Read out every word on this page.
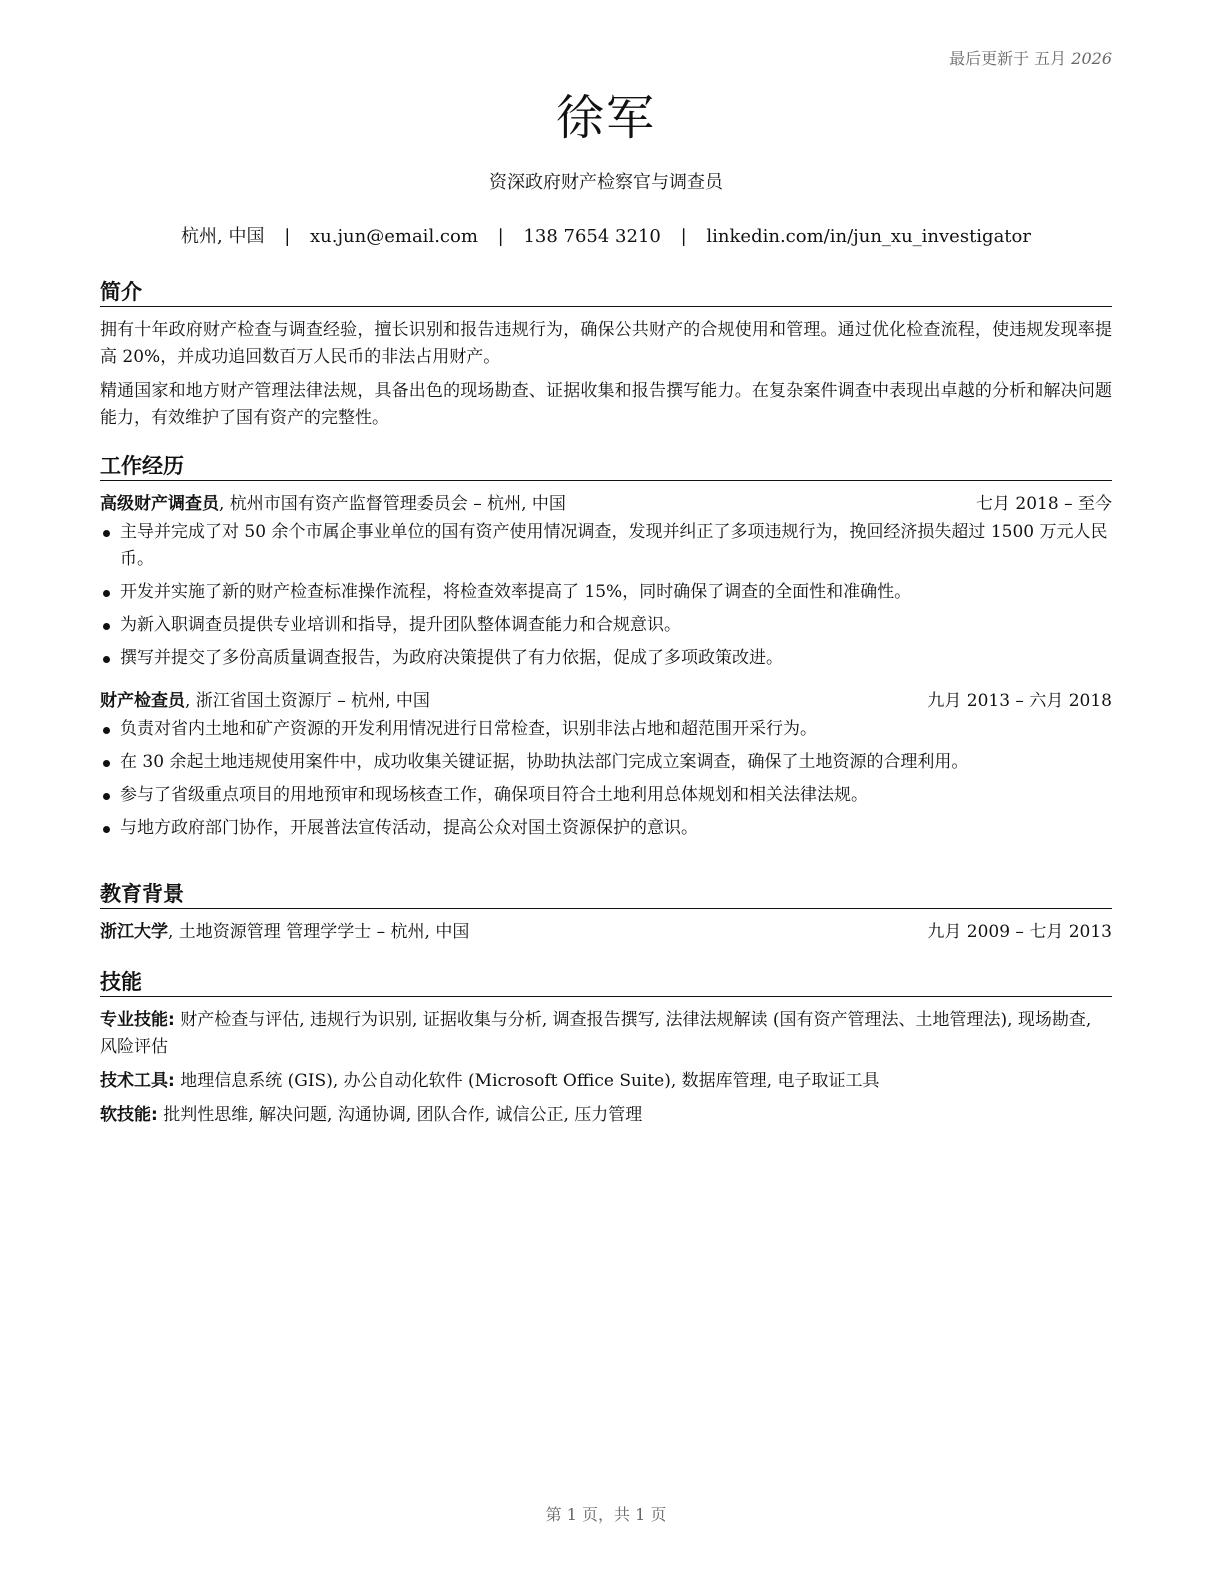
最后更新于 五月 2026
徐军
资深政府财产检察官与调查员
杭州, 中国 | xu.jun@email.com | 138 7654 3210 | linkedin.com/in/jun_xu_investigator
简介

拥有十年政府财产检查与调查经验，擅长识别和报告违规行为，确保公共财产的合规使用和管理。通过优化检查流程，使违规发现率提高 20%，并成功追回数百万人民币的非法占用财产。

精通国家和地方财产管理法律法规，具备出色的现场勘查、证据收集和报告撰写能力。在复杂案件调查中表现出卓越的分析和解决问题能力，有效维护了国有资产的完整性。

工作经历
高级财产调查员, 杭州市国有资产监督管理委员会 – 杭州, 中国	七月 2018 – 至今
主导并完成了对 50 余个市属企事业单位的国有资产使用情况调查，发现并纠正了多项违规行为，挽回经济损失超过 1500 万元人民币。
开发并实施了新的财产检查标准操作流程，将检查效率提高了 15%，同时确保了调查的全面性和准确性。
为新入职调查员提供专业培训和指导，提升团队整体调查能力和合规意识。
撰写并提交了多份高质量调查报告，为政府决策提供了有力依据，促成了多项政策改进。
财产检查员, 浙江省国土资源厅 – 杭州, 中国	九月 2013 – 六月 2018
负责对省内土地和矿产资源的开发利用情况进行日常检查，识别非法占地和超范围开采行为。
在 30 余起土地违规使用案件中，成功收集关键证据，协助执法部门完成立案调查，确保了土地资源的合理利用。
参与了省级重点项目的用地预审和现场核查工作，确保项目符合土地利用总体规划和相关法律法规。
与地方政府部门协作，开展普法宣传活动，提高公众对国土资源保护的意识。
教育背景
浙江大学, 土地资源管理 管理学学士 – 杭州, 中国	九月 2009 – 七月 2013
技能
专业技能: 财产检查与评估, 违规行为识别, 证据收集与分析, 调查报告撰写, 法律法规解读 (国有资产管理法、土地管理法), 现场勘查, 风险评估
技术工具: 地理信息系统 (GIS), 办公自动化软件 (Microsoft Office Suite), 数据库管理, 电子取证工具
软技能: 批判性思维, 解决问题, 沟通协调, 团队合作, 诚信公正, 压力管理
第 1 页，共 1 页
